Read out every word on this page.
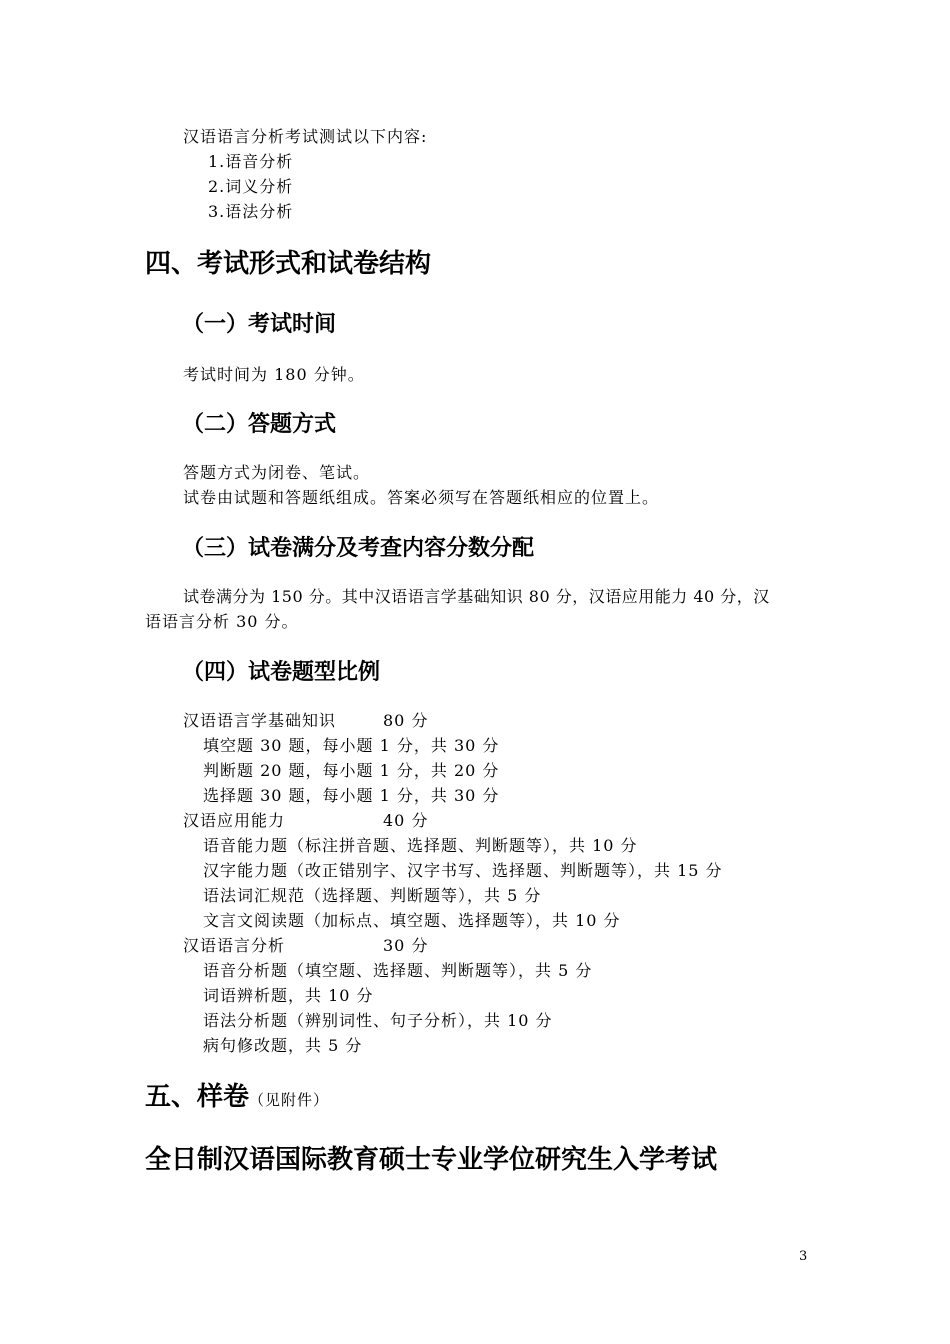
汉语语言分析考试测试以下内容:
1.语音分析
2.词义分析
3.语法分析
四、考试形式和试卷结构
（一）考试时间
考试时间为 180 分钟。
（二）答题方式
答题方式为闭卷、笔试。
试卷由试题和答题纸组成。答案必须写在答题纸相应的位置上。
（三）试卷满分及考查内容分数分配
试卷满分为 150 分。其中汉语语言学基础知识 80 分，汉语应用能力 40 分，汉
语语言分析 30 分。
（四）试卷题型比例
汉语语言学基础知识	80 分
填空题 30 题，每小题 1 分，共 30 分
判断题 20 题，每小题 1 分，共 20 分
选择题 30 题，每小题 1 分，共 30 分
汉语应用能力	40 分
语音能力题（标注拼音题、选择题、判断题等），共 10 分
汉字能力题（改正错别字、汉字书写、选择题、判断题等），共 15 分
语法词汇规范（选择题、判断题等），共 5 分
文言文阅读题（加标点、填空题、选择题等），共 10 分
汉语语言分析	30 分
语音分析题（填空题、选择题、判断题等），共 5 分
词语辨析题，共 10 分
语法分析题（辨别词性、句子分析），共 10 分
病句修改题，共 5 分
五、样卷（见附件）
全日制汉语国际教育硕士专业学位研究生入学考试
3
